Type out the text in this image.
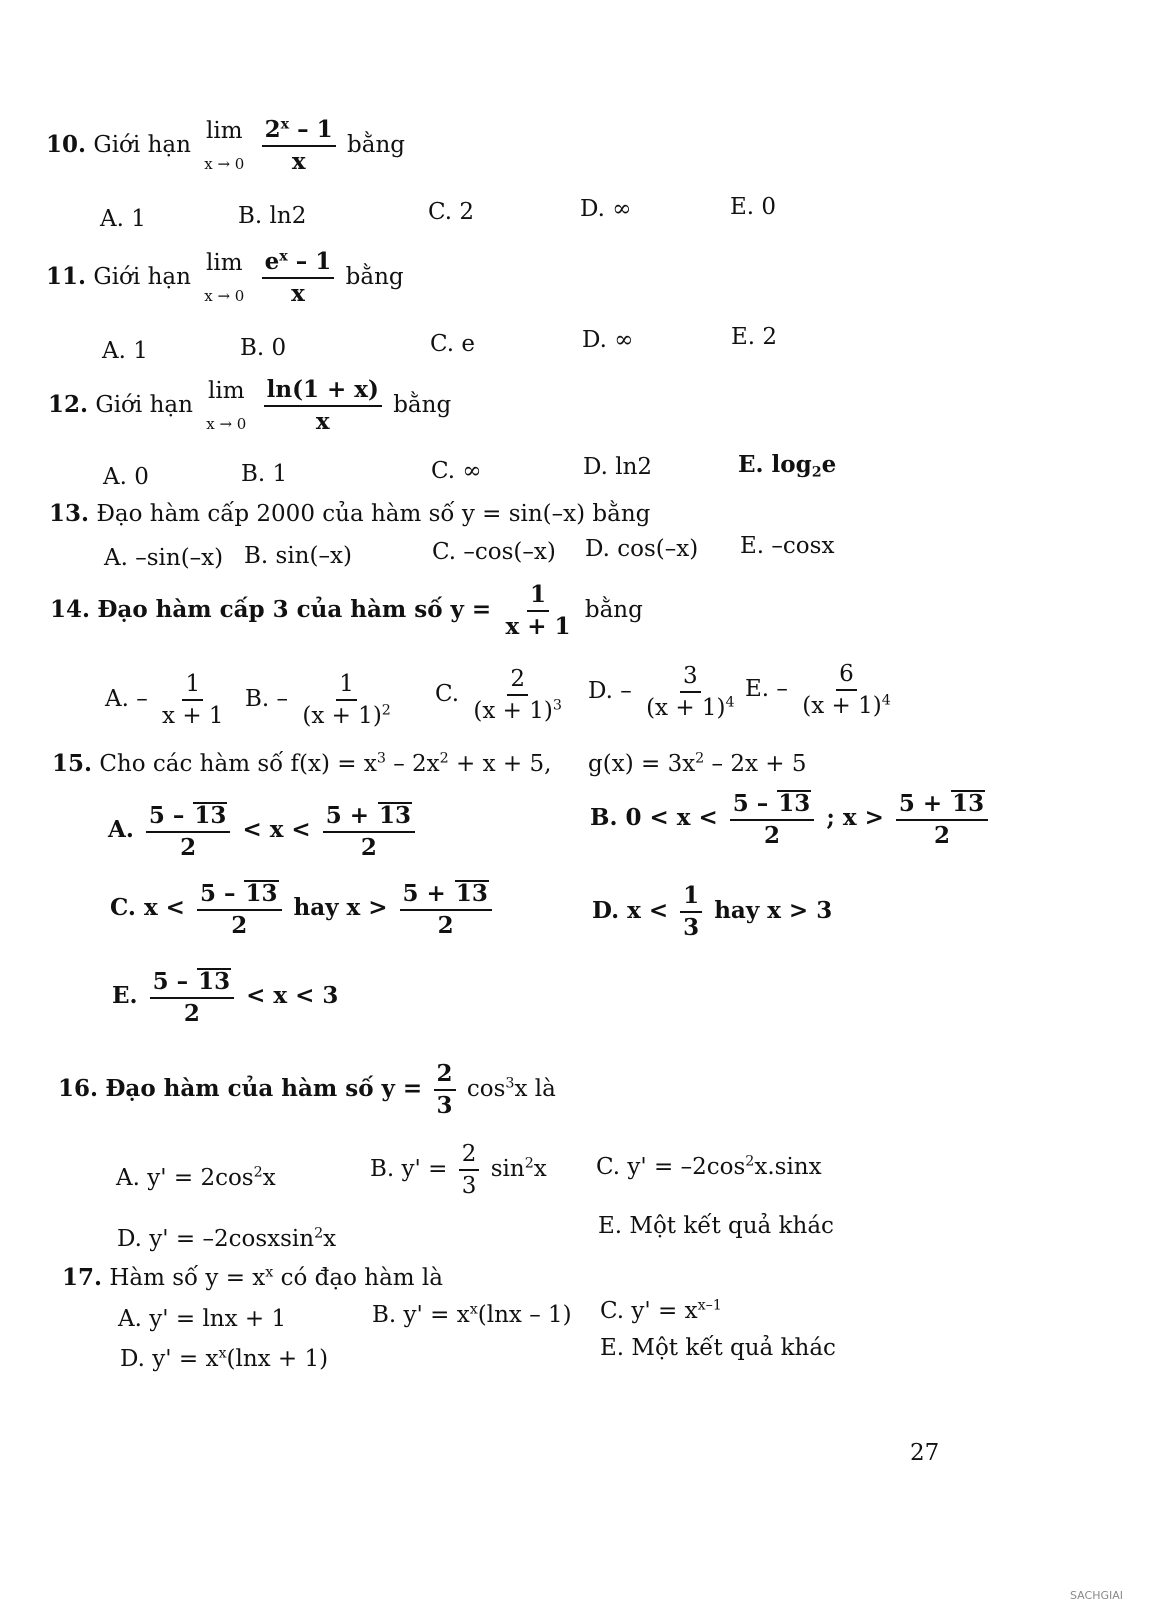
10. Giới hạn
lim
x → 0
$\frac{2^x - 1}{x}$ bằng
A. 1	B. ln2	C. 2	D. ∞	E. 0
11. Giới hạn
lim
x → 0
$\frac{e^x - 1}{x}$ bằng
A. 1	B. 0	C. e	D. ∞	E. 2
12. Giới hạn
lim
x → 0
$\frac{\ln(1 + x)}{x}$ bằng
A. 0	B. 1	C. ∞	D. ln2	E. $\log_2e$
13. Đạo hàm cấp 2000 của hàm số y = sin(–x) bằng
A. –sin(–x) B. sin(–x)	C. –cos(–x) D. cos(–x) E. –cosx
14. Đạo hàm cấp 3 của hàm số $y = \frac{1}{x + 1}$ bằng
A. – $\frac{1}{x + 1} B$. – $\frac{1}{(x + 1)^2} C$. $\frac{2}{(x + 1)^3} D$. – $\frac{3}{(x + 1)^4} E$. – $\frac{6}{(x + 1)^4}$
15. Cho các hàm số $f(x) = x^3 - 2x^2 + x + 5$, $g(x) = 3x^2 - 2x + 5$
A. $\frac{5 - 13}{2} < x < \frac{5 + 13}{2}$	B. $0 < x < \frac{5 - 13}{2}$ ; $x > \frac{5 + 13}{2}$
C. $x < \frac{5 - 13}{2}$ hay $x > \frac{5 + 13}{2}$	D. $x < \frac{1}{3}$ hay x > 3
E. $\frac{5 - 13}{2} < x < 3$
16. Đạo hàm của hàm số $y = \frac{2}{3} \cos^3x$ là
A. $y' = 2\cos^2x$	B. $y' = \frac{2}{3} \sin^2x$ C. $y' = -2\cos^2x.\sin x$
D. y' = –2cosxsin$^2$x	E. Một kết quả khác
17. Hàm số $y = x^x$ có đạo hàm là
A. y' = lnx + 1	B. $y' = x^x(\ln x - 1)$ C. $y' = x^{x-1}$
D. $y' = x^x(\ln x + 1)$	E. Một kết quả khác
27
SACHGIAI
